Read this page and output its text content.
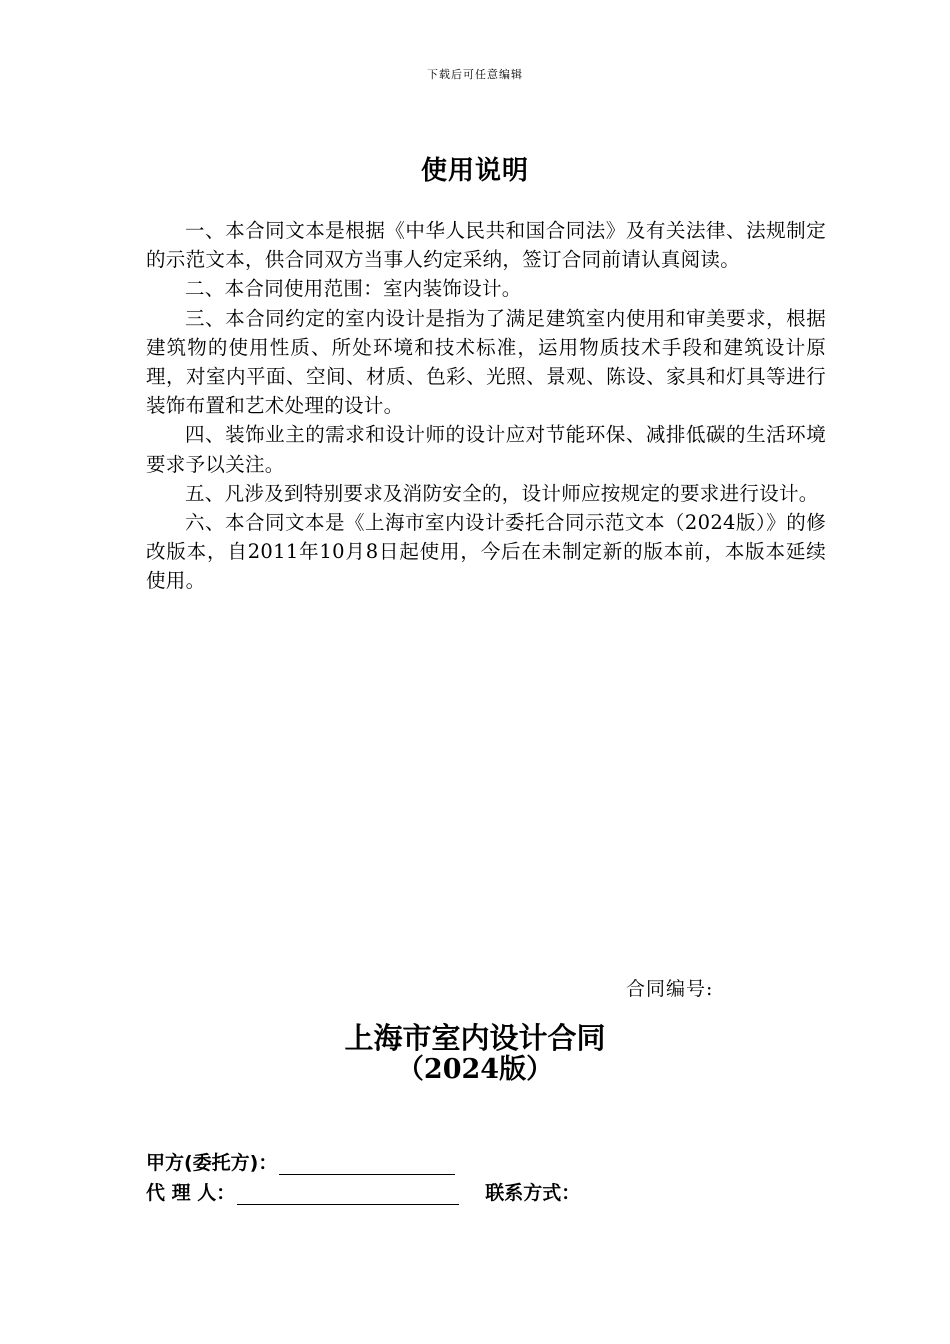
下载后可任意编辑
使用说明

一、本合同文本是根据《中华人民共和国合同法》及有关法律、法规制定的示范文本，供合同双方当事人约定采纳，签订合同前请认真阅读。

二、本合同使用范围：室内装饰设计。

三、本合同约定的室内设计是指为了满足建筑室内使用和审美要求，根据建筑物的使用性质、所处环境和技术标准，运用物质技术手段和建筑设计原理，对室内平面、空间、材质、色彩、光照、景观、陈设、家具和灯具等进行装饰布置和艺术处理的设计。

四、装饰业主的需求和设计师的设计应对节能环保、减排低碳的生活环境要求予以关注。

五、凡涉及到特别要求及消防安全的，设计师应按规定的要求进行设计。

六、本合同文本是《上海市室内设计委托合同示范文本（2024版）》的修改版本，自2011年10月8日起使用，今后在未制定新的版本前，本版本延续使用。

合同编号:
上海市室内设计合同
（2024版）
甲方(委托方)：
代 理 人：	联系方式：
